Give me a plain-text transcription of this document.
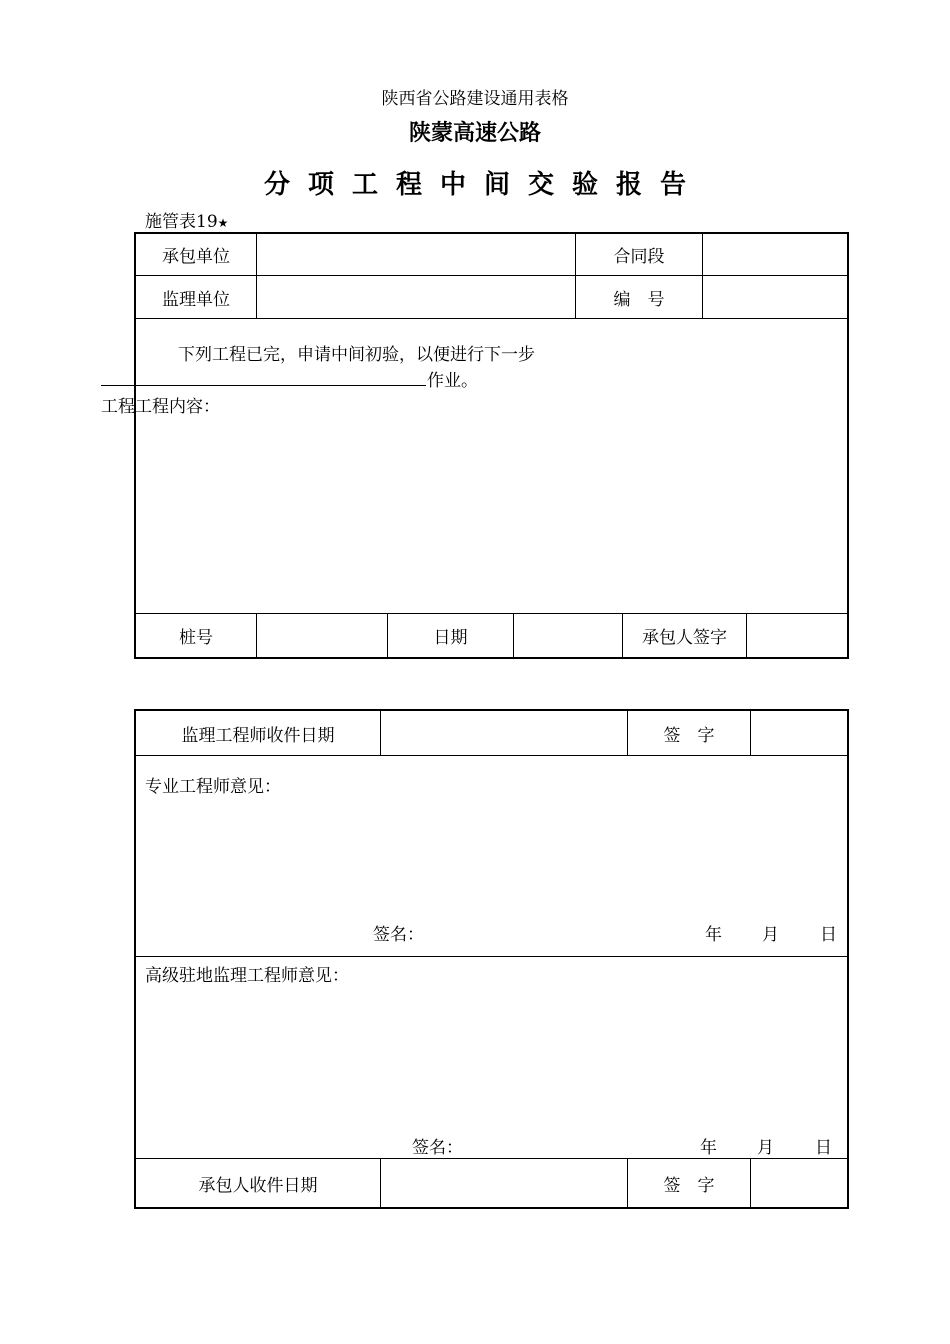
陕西省公路建设通用表格
陕蒙高速公路
分项工程中间交验报告
施管表19★
承包单位	合同段
监理单位	编　号
下列工程已完，申请中间初验，以便进行下一步
作业。
工程工程内容：
桩号	日期	承包人签字
监理工程师收件日期	签　字
专业工程师意见：
签名：	年 月 日
高级驻地监理工程师意见：
签名：	年 月 日
承包人收件日期	签　字
